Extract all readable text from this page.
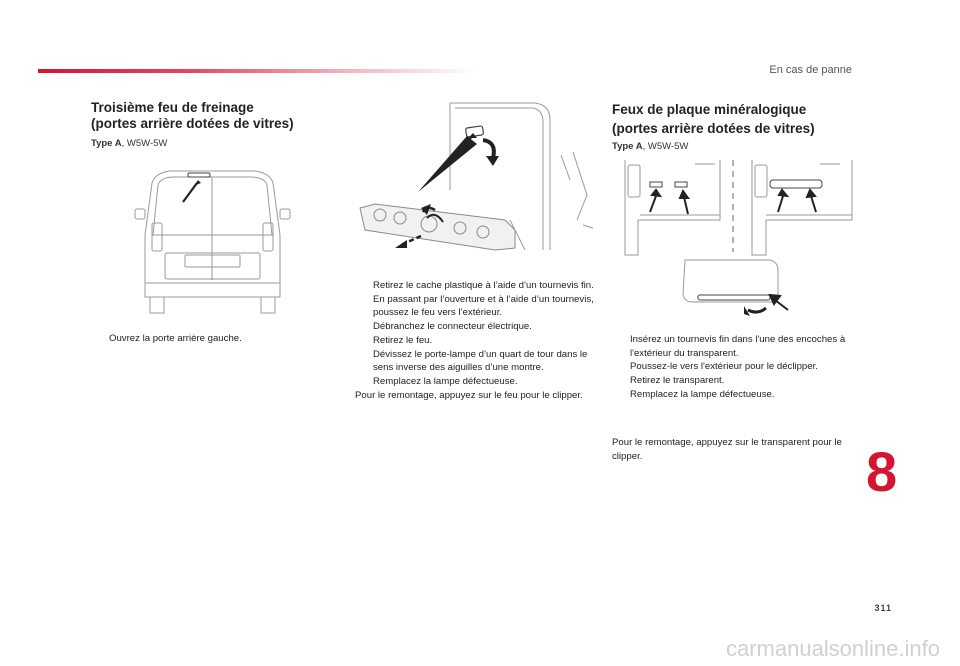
En cas de panne
Troisième feu de freinage
(portes arrière dotées de vitres)
Type A, W5W-5W
Ouvrez la porte arrière gauche.
Retirez le cache plastique à l’aide d’un tournevis fin.
En passant par l’ouverture et à l’aide d’un tournevis, poussez le feu vers l’extérieur.
Débranchez le connecteur électrique.
Retirez le feu.
Dévissez le porte-lampe d’un quart de tour dans le sens inverse des aiguilles d’une montre.
Remplacez la lampe défectueuse.
Pour le remontage, appuyez sur le feu pour le clipper.
Feux de plaque minéralogique
(portes arrière dotées de vitres)
Type A, W5W-5W
Insérez un tournevis fin dans l'une des encoches à l'extérieur du transparent.
Poussez-le vers l'extérieur pour le déclipper.
Retirez le transparent.
Remplacez la lampe défectueuse.
Pour le remontage, appuyez sur le transparent pour le clipper.	8
311
carmanualsonline.info
